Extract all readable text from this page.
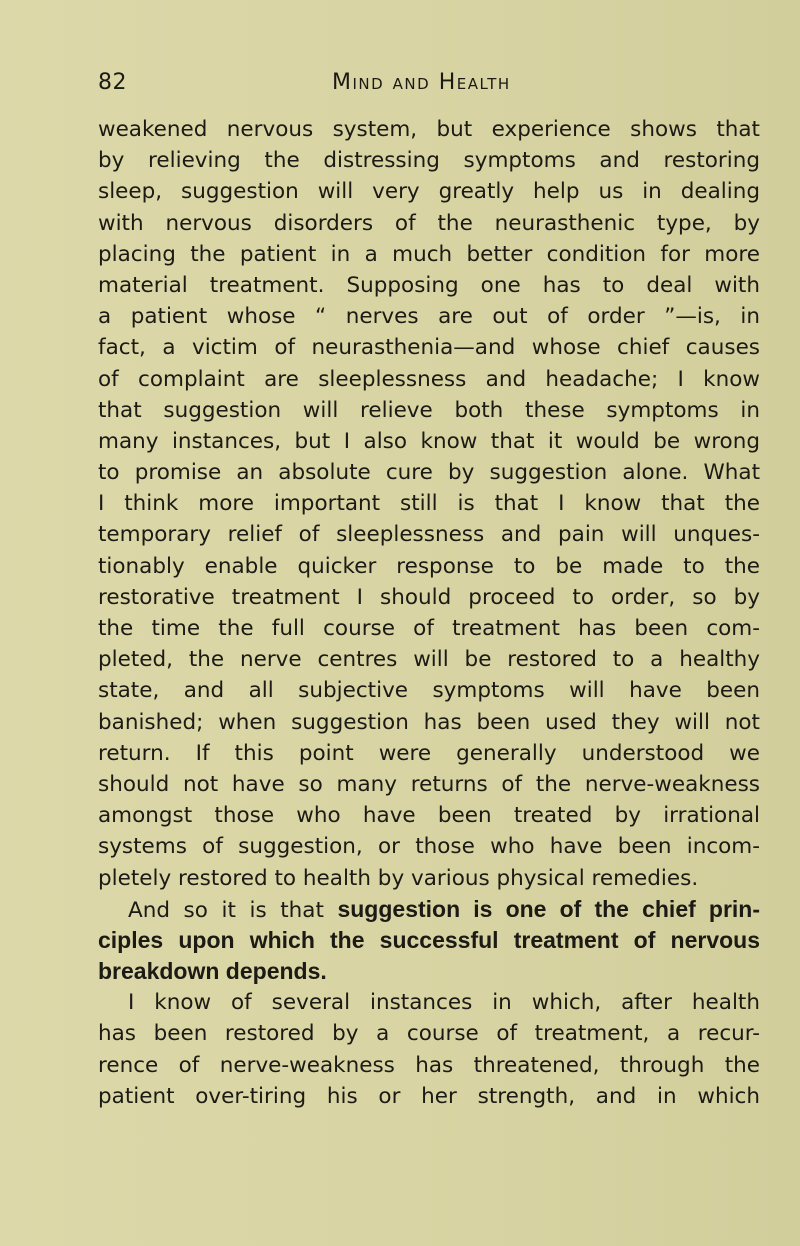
82	Mind and Health
weakened nervous system, but experience shows that
by relieving the distressing symptoms and restoring
sleep, suggestion will very greatly help us in dealing
with nervous disorders of the neurasthenic type, by
placing the patient in a much better condition for more
material treatment. Supposing one has to deal with
a patient whose “ nerves are out of order ”—is, in
fact, a victim of neurasthenia—and whose chief causes
of complaint are sleeplessness and headache; I know
that suggestion will relieve both these symptoms in
many instances, but I also know that it would be wrong
to promise an absolute cure by suggestion alone. What
I think more important still is that I know that the
temporary relief of sleeplessness and pain will unques-
tionably enable quicker response to be made to the
restorative treatment I should proceed to order, so by
the time the full course of treatment has been com-
pleted, the nerve centres will be restored to a healthy
state, and all subjective symptoms will have been
banished; when suggestion has been used they will not
return. If this point were generally understood we
should not have so many returns of the nerve-weakness
amongst those who have been treated by irrational
systems of suggestion, or those who have been incom-
pletely restored to health by various physical remedies.
And so it is that suggestion is one of the chief prin-
ciples upon which the successful treatment of nervous
breakdown depends.
I know of several instances in which, after health
has been restored by a course of treatment, a recur-
rence of nerve-weakness has threatened, through the
patient over-tiring his or her strength, and in which
